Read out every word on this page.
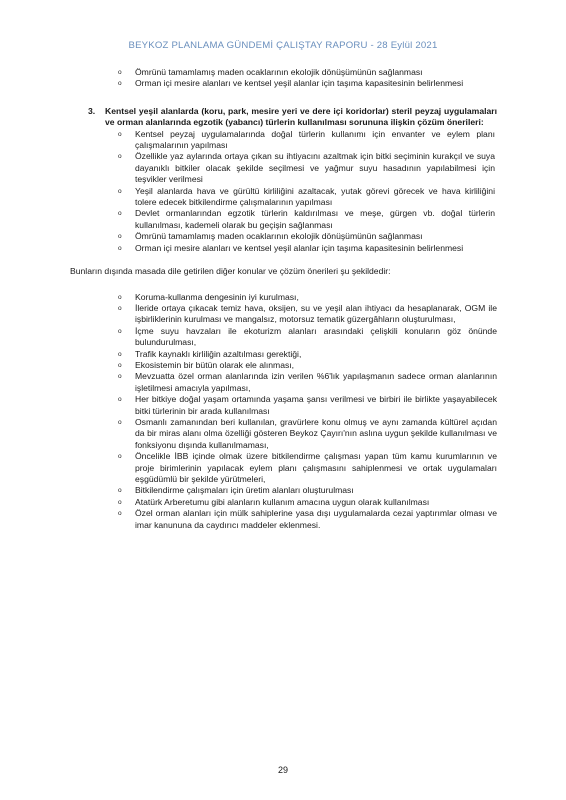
BEYKOZ PLANLAMA GÜNDEMİ ÇALIŞTAY RAPORU - 28 Eylül 2021
o Ömrünü tamamlamış maden ocaklarının ekolojik dönüşümünün sağlanması
o Orman içi mesire alanları ve kentsel yeşil alanlar için taşıma kapasitesinin belirlenmesi
3. Kentsel yeşil alanlarda (koru, park, mesire yeri ve dere içi koridorlar) steril peyzaj uygulamaları ve orman alanlarında egzotik (yabancı) türlerin kullanılması sorununa ilişkin çözüm önerileri:
o Kentsel peyzaj uygulamalarında doğal türlerin kullanımı için envanter ve eylem planı çalışmalarının yapılması
o Özellikle yaz aylarında ortaya çıkan su ihtiyacını azaltmak için bitki seçiminin kurakçıl ve suya dayanıklı bitkiler olacak şekilde seçilmesi ve yağmur suyu hasadının yapılabilmesi için teşvikler verilmesi
o Yeşil alanlarda hava ve gürültü kirliliğini azaltacak, yutak görevi görecek ve hava kirliliğini tolere edecek bitkilendirme çalışmalarının yapılması
o Devlet ormanlarından egzotik türlerin kaldırılması ve meşe, gürgen vb. doğal türlerin kullanılması, kademeli olarak bu geçişin sağlanması
o Ömrünü tamamlamış maden ocaklarının ekolojik dönüşümünün sağlanması
o Orman içi mesire alanları ve kentsel yeşil alanlar için taşıma kapasitesinin belirlenmesi
Bunların dışında masada dile getirilen diğer konular ve çözüm önerileri şu şekildedir:
o Koruma-kullanma dengesinin iyi kurulması,
o İleride ortaya çıkacak temiz hava, oksijen, su ve yeşil alan ihtiyacı da hesaplanarak, OGM ile işbirliklerinin kurulması ve mangalsız, motorsuz tematik güzergâhların oluşturulması,
o İçme suyu havzaları ile ekoturizm alanları arasındaki çelişkili konuların göz önünde bulundurulması,
o Trafik kaynaklı kirliliğin azaltılması gerektiği,
o Ekosistemin bir bütün olarak ele alınması,
o Mevzuatta özel orman alanlarında izin verilen %6'lık yapılaşmanın sadece orman alanlarının işletilmesi amacıyla yapılması,
o Her bitkiye doğal yaşam ortamında yaşama şansı verilmesi ve birbiri ile birlikte yaşayabilecek bitki türlerinin bir arada kullanılması
o Osmanlı zamanından beri kullanılan, gravürlere konu olmuş ve aynı zamanda kültürel açıdan da bir miras alanı olma özelliği gösteren Beykoz Çayırı'nın aslına uygun şekilde kullanılması ve fonksiyonu dışında kullanılmaması,
o Öncelikle İBB içinde olmak üzere bitkilendirme çalışması yapan tüm kamu kurumlarının ve proje birimlerinin yapılacak eylem planı çalışmasını sahiplenmesi ve ortak uygulamaları eşgüdümlü bir şekilde yürütmeleri,
o Bitkilendirme çalışmaları için üretim alanları oluşturulması
o Atatürk Arberetumu gibi alanların kullanım amacına uygun olarak kullanılması
o Özel orman alanları için mülk sahiplerine yasa dışı uygulamalarda cezai yaptırımlar olması ve imar kanununa da caydırıcı maddeler eklenmesi.
29
